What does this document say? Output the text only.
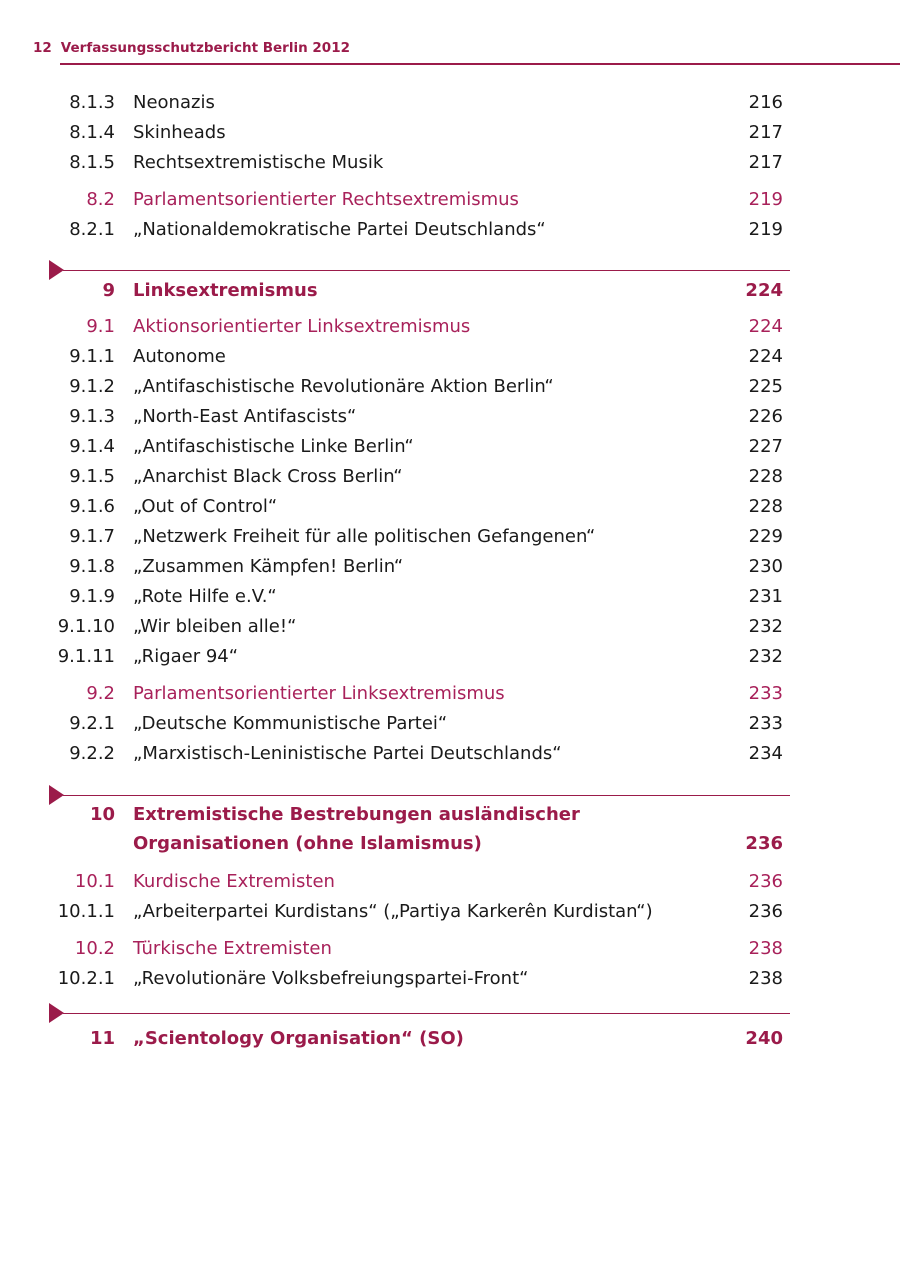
12 Verfassungsschutzbericht Berlin 2012
8.1.3 Neonazis	216
8.1.4 Skinheads	217
8.1.5 Rechtsextremistische Musik	217
8.2 Parlamentsorientierter Rechtsextremismus	219
8.2.1 „Nationaldemokratische Partei Deutschlands“	219
9 Linksextremismus	224
9.1 Aktionsorientierter Linksextremismus	224
9.1.1 Autonome	224
9.1.2 „Antifaschistische Revolutionäre Aktion Berlin“	225
9.1.3 „North-East Antifascists“	226
9.1.4 „Antifaschistische Linke Berlin“	227
9.1.5 „Anarchist Black Cross Berlin“	228
9.1.6 „Out of Control“	228
9.1.7 „Netzwerk Freiheit für alle politischen Gefangenen“	229
9.1.8 „Zusammen Kämpfen! Berlin“	230
9.1.9 „Rote Hilfe e.V.“	231
9.1.10 „Wir bleiben alle!“	232
9.1.11 „Rigaer 94“	232
9.2 Parlamentsorientierter Linksextremismus	233
9.2.1 „Deutsche Kommunistische Partei“	233
9.2.2 „Marxistisch-Leninistische Partei Deutschlands“	234
10 Extremistische Bestrebungen ausländischer
Organisationen (ohne Islamismus)	236
10.1 Kurdische Extremisten	236
10.1.1 „Arbeiterpartei Kurdistans“ („Partiya Karkerên Kurdistan“)	236
10.2 Türkische Extremisten	238
10.2.1 „Revolutionäre Volksbefreiungspartei-Front“	238
11 „Scientology Organisation“ (SO)	240
